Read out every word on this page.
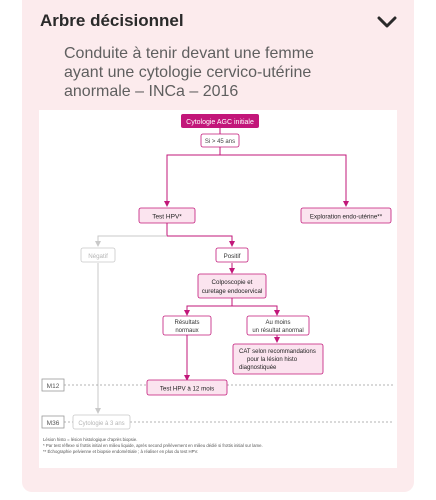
Arbre décisionnel
Conduite à tenir devant une femme
ayant une cytologie cervico-utérine
anormale – INCa – 2016
M12
M36
Cytologie AGC initiale
Si > 45 ans
Test HPV*	Exploration endo-utérine**
Négatif	Positif
Colposcopie et
curetage endocervical
Résultats
normaux
Au moins
un résultat anormal
CAT selon recommandations
pour la lésion histo
diagnostiquée
Test HPV à 12 mois
Cytologie à 3 ans
Lésion histo = lésion histologique d’après biopsie.
* Par test réflexe si frottis initial en milieu liquide, après second prélèvement en milieu dédié si frottis initial sur lame.
** Échographie pelvienne et biopsie endométriale ; à réaliser en plus du test HPV.
